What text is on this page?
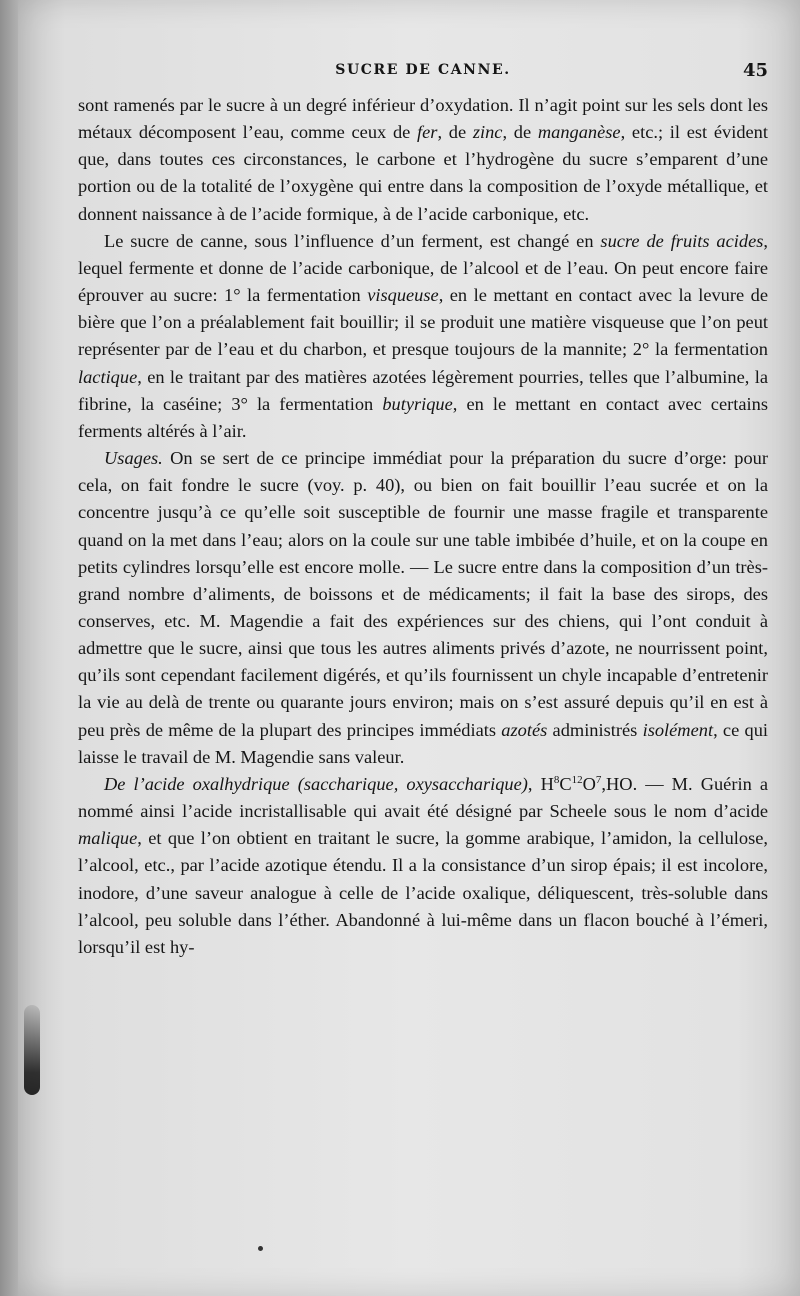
SUCRE DE CANNE.	45

sont ramenés par le sucre à un degré inférieur d’oxydation. Il n’agit point sur les sels dont les métaux décomposent l’eau, comme ceux de fer, de zinc, de manganèse, etc.; il est évident que, dans toutes ces circonstances, le carbone et l’hydrogène du sucre s’emparent d’une portion ou de la totalité de l’oxygène qui entre dans la composition de l’oxyde métallique, et donnent naissance à de l’acide formique, à de l’acide carbonique, etc.

Le sucre de canne, sous l’influence d’un ferment, est changé en sucre de fruits acides, lequel fermente et donne de l’acide carbonique, de l’alcool et de l’eau. On peut encore faire éprouver au sucre: 1° la fermentation visqueuse, en le mettant en contact avec la levure de bière que l’on a préalablement fait bouillir; il se produit une matière visqueuse que l’on peut représenter par de l’eau et du charbon, et presque toujours de la mannite; 2° la fermentation lactique, en le traitant par des matières azotées légèrement pourries, telles que l’albumine, la fibrine, la caséine; 3° la fermentation butyrique, en le mettant en contact avec certains ferments altérés à l’air.

Usages. On se sert de ce principe immédiat pour la préparation du sucre d’orge: pour cela, on fait fondre le sucre (voy. p. 40), ou bien on fait bouillir l’eau sucrée et on la concentre jusqu’à ce qu’elle soit susceptible de fournir une masse fragile et transparente quand on la met dans l’eau; alors on la coule sur une table imbibée d’huile, et on la coupe en petits cylindres lorsqu’elle est encore molle. — Le sucre entre dans la composition d’un très-grand nombre d’aliments, de boissons et de médicaments; il fait la base des sirops, des conserves, etc. M. Magendie a fait des expériences sur des chiens, qui l’ont conduit à admettre que le sucre, ainsi que tous les autres aliments privés d’azote, ne nourrissent point, qu’ils sont cependant facilement digérés, et qu’ils fournissent un chyle incapable d’entretenir la vie au delà de trente ou quarante jours environ; mais on s’est assuré depuis qu’il en est à peu près de même de la plupart des principes immédiats azotés administrés isolément, ce qui laisse le travail de M. Magendie sans valeur.

De l’acide oxalhydrique (saccharique, oxysaccharique), $H^8C^{12}O^7,HO$. — M. Guérin a nommé ainsi l’acide incristallisable qui avait été désigné par Scheele sous le nom d’acide malique, et que l’on obtient en traitant le sucre, la gomme arabique, l’amidon, la cellulose, l’alcool, etc., par l’acide azotique étendu. Il a la consistance d’un sirop épais; il est incolore, inodore, d’une saveur analogue à celle de l’acide oxalique, déliquescent, très-soluble dans l’alcool, peu soluble dans l’éther. Abandonné à lui-même dans un flacon bouché à l’émeri, lorsqu’il est hy-
